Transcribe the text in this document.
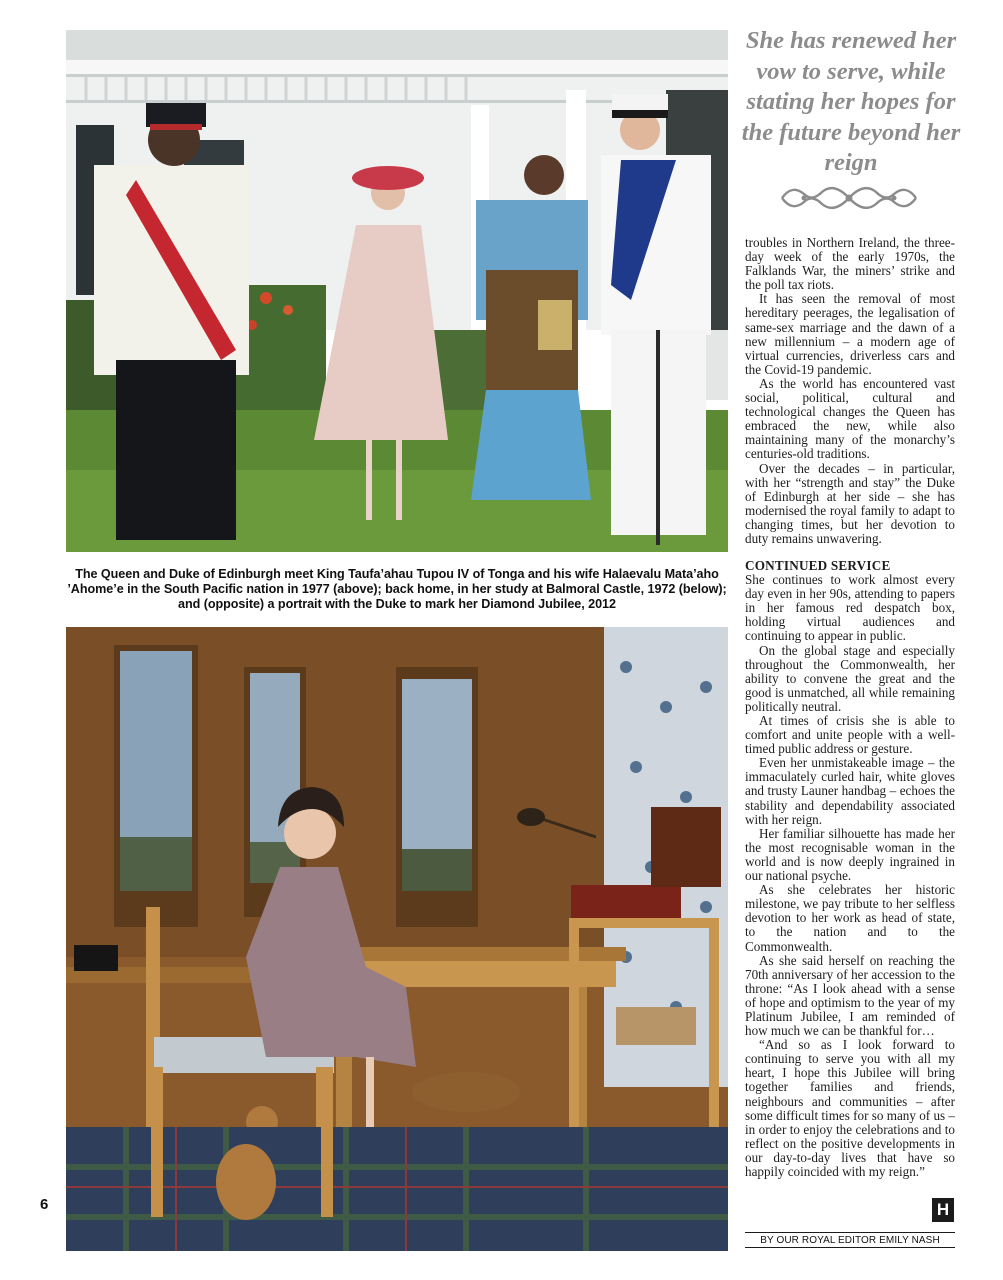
The Queen and Duke of Edinburgh meet King Taufa’ahau Tupou IV of Tonga and his wife Halaevalu Mata’aho ’Ahome’e in the South Pacific nation in 1977 (above); back home, in her study at Balmoral Castle, 1972 (below); and (opposite) a portrait with the Duke to mark her Diamond Jubilee, 2012
She has renewed her vow to serve, while stating her hopes for the future beyond her reign

troubles in Northern Ireland, the three-day week of the early 1970s, the Falklands War, the miners’ strike and the poll tax riots.

It has seen the removal of most hereditary peerages, the legalisation of same-sex marriage and the dawn of a new millennium – a modern age of virtual currencies, driverless cars and the Covid-19 pandemic.

As the world has encountered vast social, political, cultural and technological changes the Queen has embraced the new, while also maintaining many of the monarchy’s centuries-old traditions.

Over the decades – in particular, with her “strength and stay” the Duke of Edinburgh at her side – she has modernised the royal family to adapt to changing times, but her devotion to duty remains unwavering.

CONTINUED SERVICE

She continues to work almost every day even in her 90s, attending to papers in her famous red despatch box, holding virtual audiences and continuing to appear in public.

On the global stage and especially throughout the Commonwealth, her ability to convene the great and the good is unmatched, all while remaining politically neutral.

At times of crisis she is able to comfort and unite people with a well-timed public address or gesture.

Even her unmistakeable image – the immaculately curled hair, white gloves and trusty Launer handbag – echoes the stability and dependability associated with her reign.

Her familiar silhouette has made her the most recognisable woman in the world and is now deeply ingrained in our national psyche.

As she celebrates her historic milestone, we pay tribute to her selfless devotion to her work as head of state, to the nation and to the Commonwealth.

As she said herself on reaching the 70th anniversary of her accession to the throne: “As I look ahead with a sense of hope and optimism to the year of my Platinum Jubilee, I am reminded of how much we can be thankful for…

“And so as I look forward to continuing to serve you with all my heart, I hope this Jubilee will bring together families and friends, neighbours and communities – after some difficult times for so many of us – in order to enjoy the celebrations and to reflect on the positive developments in our day-to-day lives that have so happily coincided with my reign.”

H
BY OUR ROYAL EDITOR EMILY NASH
6
